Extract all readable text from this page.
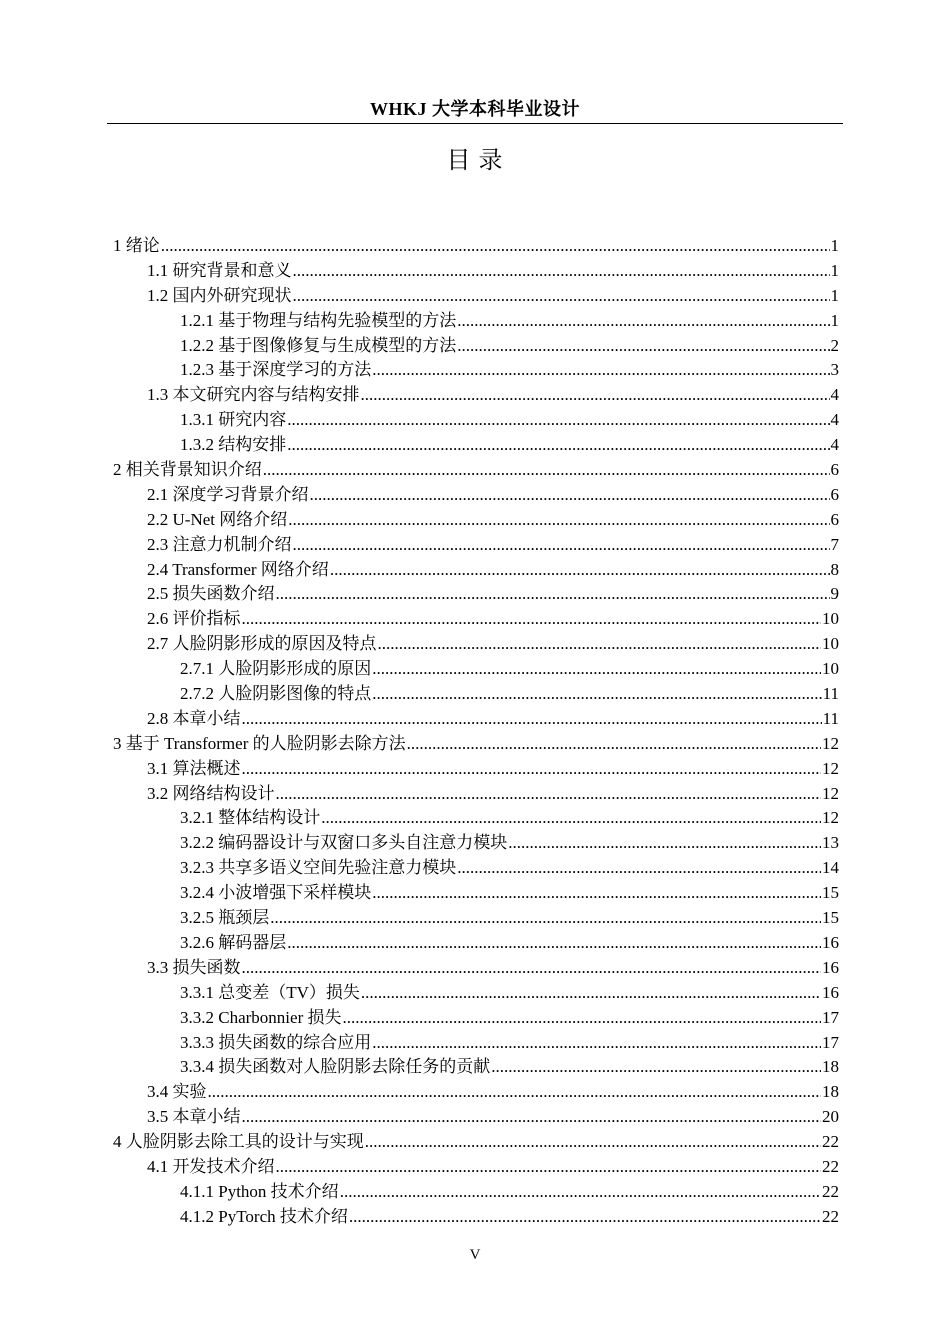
WHKJ 大学本科毕业设计
目 录
1 绪论 .....	1
1.1 研究背景和意义 .....	1
1.2 国内外研究现状 .....	1
1.2.1 基于物理与结构先验模型的方法 .....	1
1.2.2 基于图像修复与生成模型的方法 .....	2
1.2.3 基于深度学习的方法 .....	3
1.3 本文研究内容与结构安排 .....	4
1.3.1 研究内容 .....	4
1.3.2 结构安排 .....	4
2 相关背景知识介绍 .....	6
2.1 深度学习背景介绍 .....	6
2.2 U-Net 网络介绍 .....	6
2.3 注意力机制介绍 .....	7
2.4 Transformer 网络介绍 .....	8
2.5 损失函数介绍 .....	9
2.6 评价指标 .....	10
2.7 人脸阴影形成的原因及特点 .....	10
2.7.1 人脸阴影形成的原因 .....	10
2.7.2 人脸阴影图像的特点 .....	11
2.8 本章小结 .....	11
3 基于 Transformer 的人脸阴影去除方法 .....	12
3.1 算法概述 .....	12
3.2 网络结构设计 .....	12
3.2.1 整体结构设计 .....	12
3.2.2 编码器设计与双窗口多头自注意力模块 .....	13
3.2.3 共享多语义空间先验注意力模块 .....	14
3.2.4 小波增强下采样模块 .....	15
3.2.5 瓶颈层 .....	15
3.2.6 解码器层 .....	16
3.3 损失函数 .....	16
3.3.1 总变差（TV）损失 .....	16
3.3.2 Charbonnier 损失 .....	17
3.3.3 损失函数的综合应用 .....	17
3.3.4 损失函数对人脸阴影去除任务的贡献 .....	18
3.4 实验 .....	18
3.5 本章小结 .....	20
4 人脸阴影去除工具的设计与实现 .....	22
4.1 开发技术介绍 .....	22
4.1.1 Python 技术介绍 .....	22
4.1.2 PyTorch 技术介绍 .....	22
V
